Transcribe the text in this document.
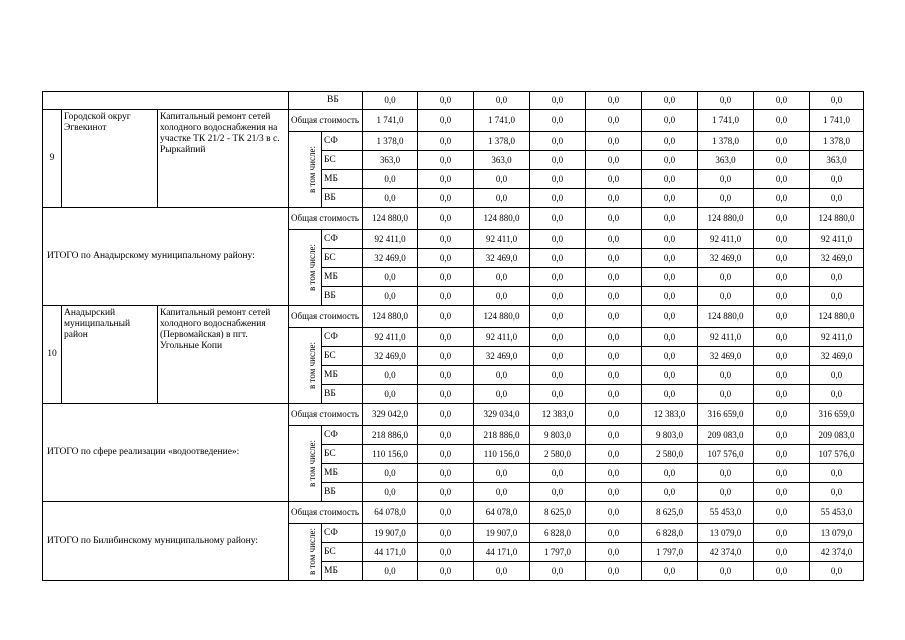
			ВБ		0,0	0,0	0,0	0,0	0,0	0,0	0,0	0,0	0,0
9	Городской округ Эгвекинот	Капитальный ремонт сетей холодного водоснабжения на участке ТК 21/2 - ТК 21/3 в с. Рыркайпий	Общая стоимость		1 741,0	0,0	1 741,0	0,0	0,0	0,0	1 741,0	0,0	1 741,0
			в том числе:	СФ	1 378,0	0,0	1 378,0	0,0	0,0	0,0	1 378,0	0,0	1 378,0
				БС	363,0	0,0	363,0	0,0	0,0	0,0	363,0	0,0	363,0
				МБ	0,0	0,0	0,0	0,0	0,0	0,0	0,0	0,0	0,0
				ВБ	0,0	0,0	0,0	0,0	0,0	0,0	0,0	0,0	0,0
ИТОГО по Анадырскому муниципальному району:			Общая стоимость		124 880,0	0,0	124 880,0	0,0	0,0	0,0	124 880,0	0,0	124 880,0
			в том числе:	СФ	92 411,0	0,0	92 411,0	0,0	0,0	0,0	92 411,0	0,0	92 411,0
				БС	32 469,0	0,0	32 469,0	0,0	0,0	0,0	32 469,0	0,0	32 469,0
				МБ	0,0	0,0	0,0	0,0	0,0	0,0	0,0	0,0	0,0
				ВБ	0,0	0,0	0,0	0,0	0,0	0,0	0,0	0,0	0,0
10	Анадырский муниципальный район	Капитальный ремонт сетей холодного водоснабжения (Первомайская) в пгт. Угольные Копи	Общая стоимость		124 880,0	0,0	124 880,0	0,0	0,0	0,0	124 880,0	0,0	124 880,0
			в том числе:	СФ	92 411,0	0,0	92 411,0	0,0	0,0	0,0	92 411,0	0,0	92 411,0
				БС	32 469,0	0,0	32 469,0	0,0	0,0	0,0	32 469,0	0,0	32 469,0
				МБ	0,0	0,0	0,0	0,0	0,0	0,0	0,0	0,0	0,0
				ВБ	0,0	0,0	0,0	0,0	0,0	0,0	0,0	0,0	0,0
ИТОГО по сфере реализации «водоотведение»:			Общая стоимость		329 042,0	0,0	329 034,0	12 383,0	0,0	12 383,0	316 659,0	0,0	316 659,0
			в том числе:	СФ	218 886,0	0,0	218 886,0	9 803,0	0,0	9 803,0	209 083,0	0,0	209 083,0
				БС	110 156,0	0,0	110 156,0	2 580,0	0,0	2 580,0	107 576,0	0,0	107 576,0
				МБ	0,0	0,0	0,0	0,0	0,0	0,0	0,0	0,0	0,0
				ВБ	0,0	0,0	0,0	0,0	0,0	0,0	0,0	0,0	0,0
ИТОГО по Билибинскому муниципальному району:			Общая стоимость		64 078,0	0,0	64 078,0	8 625,0	0,0	8 625,0	55 453,0	0,0	55 453,0
			в том числе:	СФ	19 907,0	0,0	19 907,0	6 828,0	0,0	6 828,0	13 079,0	0,0	13 079,0
				БС	44 171,0	0,0	44 171,0	1 797,0	0,0	1 797,0	42 374,0	0,0	42 374,0
				МБ	0,0	0,0	0,0	0,0	0,0	0,0	0,0	0,0	0,0
